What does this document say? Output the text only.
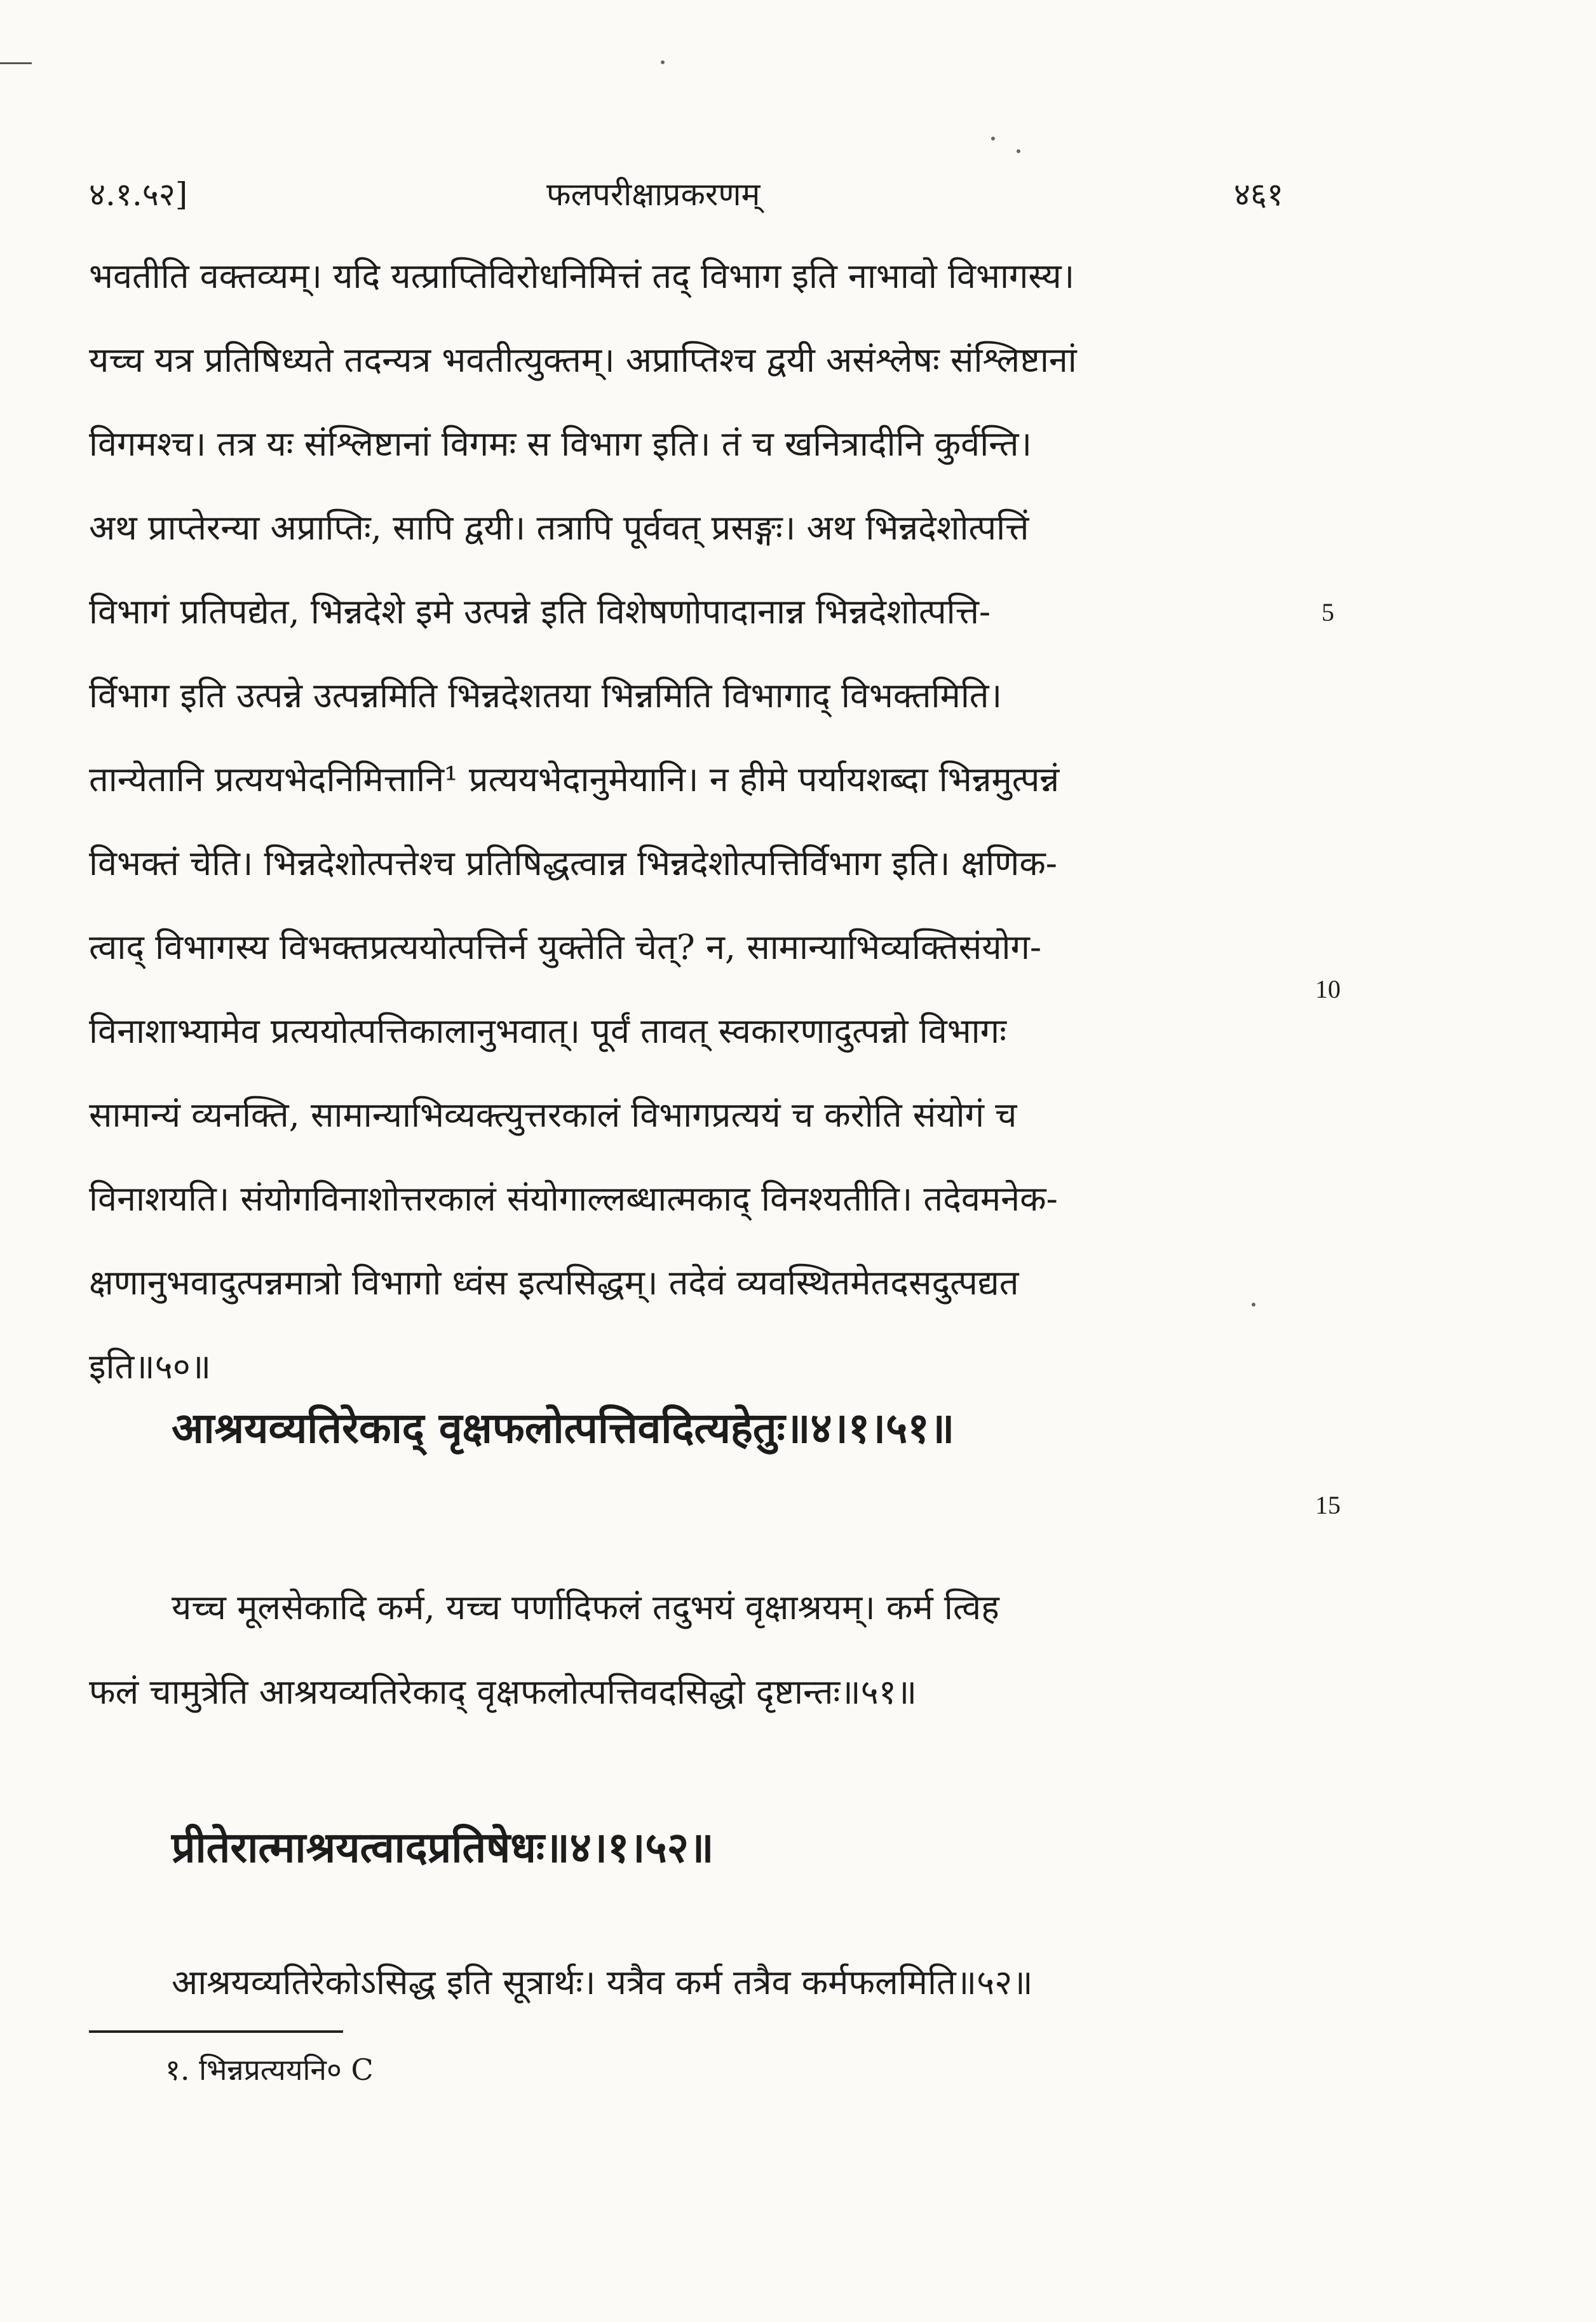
४.१.५२]	फलपरीक्षाप्रकरणम्	४६१
भवतीति वक्तव्यम्। यदि यत्प्राप्तिविरोधनिमित्तं तद् विभाग इति नाभावो विभागस्य।
यच्च यत्र प्रतिषिध्यते तदन्यत्र भवतीत्युक्तम्। अप्राप्तिश्च द्वयी असंश्लेषः संश्लिष्टानां
विगमश्च। तत्र यः संश्लिष्टानां विगमः स विभाग इति। तं च खनित्रादीनि कुर्वन्ति।
अथ प्राप्तेरन्या अप्राप्तिः, सापि द्वयी। तत्रापि पूर्ववत् प्रसङ्गः। अथ भिन्नदेशोत्पत्तिं
विभागं प्रतिपद्येत, भिन्नदेशे इमे उत्पन्ने इति विशेषणोपादानान्न भिन्नदेशोत्पत्ति-
र्विभाग इति उत्पन्ने उत्पन्नमिति भिन्नदेशतया भिन्नमिति विभागाद् विभक्तमिति।
तान्येतानि प्रत्ययभेदनिमित्तानि¹ प्रत्ययभेदानुमेयानि। न हीमे पर्यायशब्दा भिन्नमुत्पन्नं
विभक्तं चेति। भिन्नदेशोत्पत्तेश्च प्रतिषिद्धत्वान्न भिन्नदेशोत्पत्तिर्विभाग इति। क्षणिक-
त्वाद् विभागस्य विभक्तप्रत्ययोत्पत्तिर्न युक्तेति चेत्? न, सामान्याभिव्यक्तिसंयोग-
विनाशाभ्यामेव प्रत्ययोत्पत्तिकालानुभवात्। पूर्वं तावत् स्वकारणादुत्पन्नो विभागः
सामान्यं व्यनक्ति, सामान्याभिव्यक्त्युत्तरकालं विभागप्रत्ययं च करोति संयोगं च
विनाशयति। संयोगविनाशोत्तरकालं संयोगाल्लब्धात्मकाद् विनश्यतीति। तदेवमनेक-
क्षणानुभवादुत्पन्नमात्रो विभागो ध्वंस इत्यसिद्धम्। तदेवं व्यवस्थितमेतदसदुत्पद्यत
इति॥५०॥
5
10
आश्रयव्यतिरेकाद् वृक्षफलोत्पत्तिवदित्यहेतुः॥४।१।५१॥
15
यच्च मूलसेकादि कर्म, यच्च पर्णादिफलं तदुभयं वृक्षाश्रयम्। कर्म त्विह
फलं चामुत्रेति आश्रयव्यतिरेकाद् वृक्षफलोत्पत्तिवदसिद्धो दृष्टान्तः॥५१॥
प्रीतेरात्माश्रयत्वादप्रतिषेधः॥४।१।५२॥
आश्रयव्यतिरेकोऽसिद्ध इति सूत्रार्थः। यत्रैव कर्म तत्रैव कर्मफलमिति॥५२॥
१. भिन्नप्रत्ययनि० C
